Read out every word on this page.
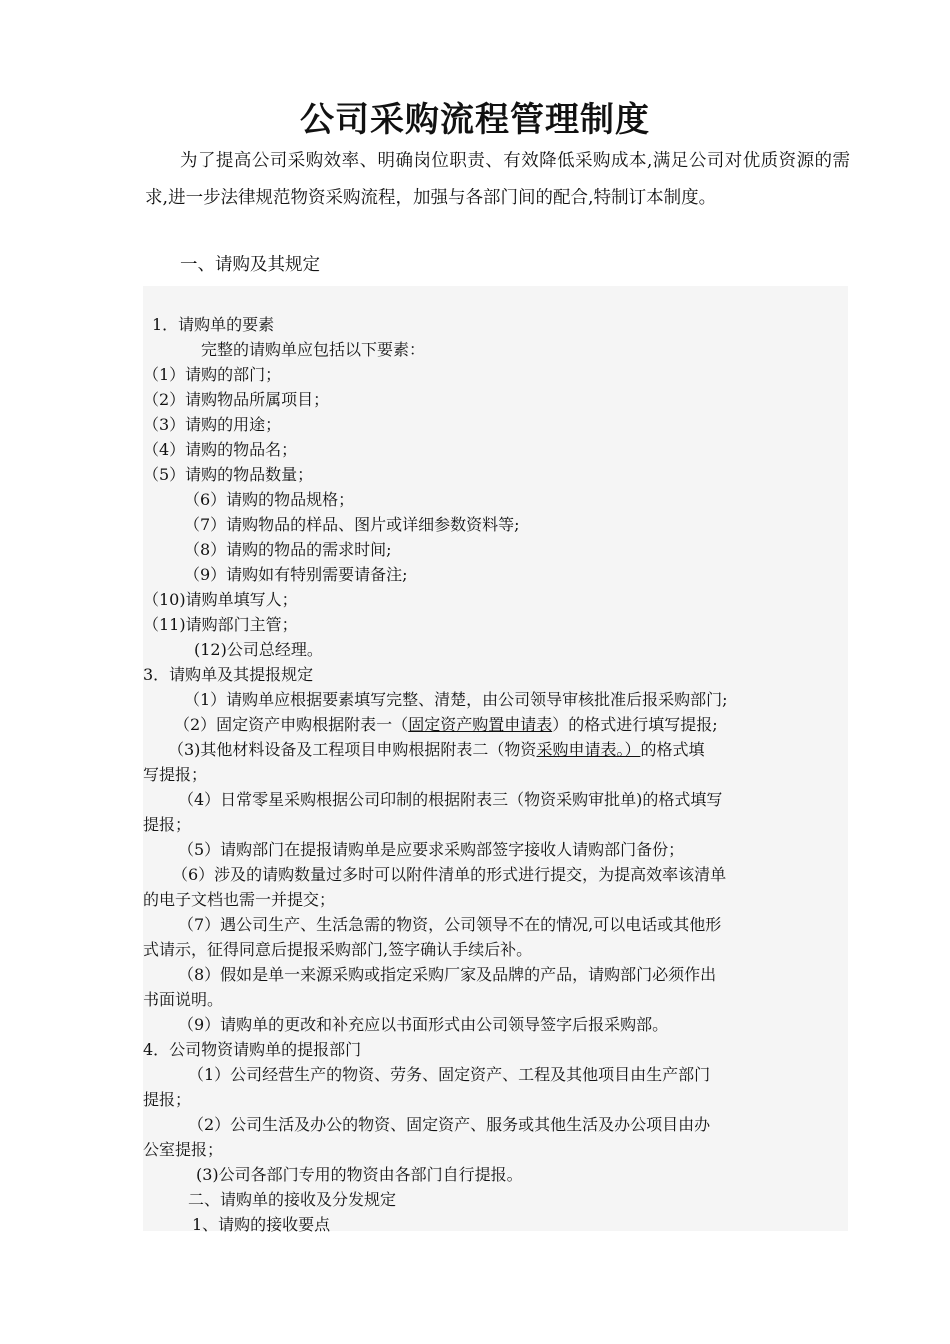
公司采购流程管理制度
为了提高公司采购效率、明确岗位职责、有效降低采购成本,满足公司对优质资源的需求,进一步法律规范物资采购流程，加强与各部门间的配合,特制订本制度。
一、请购及其规定
1．请购单的要素
完整的请购单应包括以下要素：
（1）请购的部门；
（2）请购物品所属项目；
（3）请购的用途；
（4）请购的物品名；
（5）请购的物品数量；
（6）请购的物品规格；
（7）请购物品的样品、图片或详细参数资料等;
（8）请购的物品的需求时间;
（9）请购如有特别需要请备注;
（10)请购单填写人；
（11)请购部门主管；
(12)公司总经理。
3．请购单及其提报规定
（1）请购单应根据要素填写完整、清楚，由公司领导审核批准后报采购部门;
（2）固定资产申购根据附表一（固定资产购置申请表）的格式进行填写提报;
（3)其他材料设备及工程项目申购根据附表二（物资采购申请表。）的格式填
写提报；
（4）日常零星采购根据公司印制的根据附表三（物资采购审批单)的格式填写
提报；
（5）请购部门在提报请购单是应要求采购部签字接收人请购部门备份；
（6）涉及的请购数量过多时可以附件清单的形式进行提交，为提高效率该清单
的电子文档也需一并提交；
（7）遇公司生产、生活急需的物资，公司领导不在的情况,可以电话或其他形
式请示，征得同意后提报采购部门,签字确认手续后补。
（8）假如是单一来源采购或指定采购厂家及品牌的产品，请购部门必须作出
书面说明。
（9）请购单的更改和补充应以书面形式由公司领导签字后报采购部。
4．公司物资请购单的提报部门
（1）公司经营生产的物资、劳务、固定资产、工程及其他项目由生产部门
提报；
（2）公司生活及办公的物资、固定资产、服务或其他生活及办公项目由办
公室提报；
(3)公司各部门专用的物资由各部门自行提报。
二、请购单的接收及分发规定
1、请购的接收要点
